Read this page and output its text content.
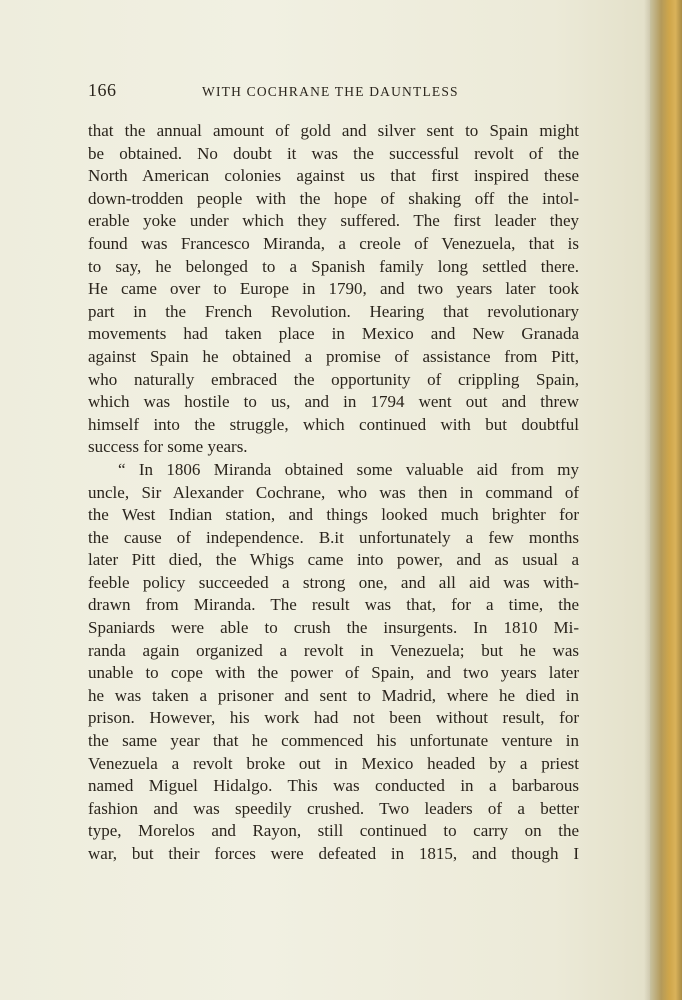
166	WITH COCHRANE THE DAUNTLESS
that the annual amount of gold and silver sent to Spain might
be obtained. No doubt it was the successful revolt of the
North American colonies against us that first inspired these
down-trodden people with the hope of shaking off the intol-
erable yoke under which they suffered. The first leader they
found was Francesco Miranda, a creole of Venezuela, that is
to say, he belonged to a Spanish family long settled there.
He came over to Europe in 1790, and two years later took
part in the French Revolution. Hearing that revolutionary
movements had taken place in Mexico and New Granada
against Spain he obtained a promise of assistance from Pitt,
who naturally embraced the opportunity of crippling Spain,
which was hostile to us, and in 1794 went out and threw
himself into the struggle, which continued with but doubtful
success for some years.
“ In 1806 Miranda obtained some valuable aid from my
uncle, Sir Alexander Cochrane, who was then in command of
the West Indian station, and things looked much brighter for
the cause of independence. B.it unfortunately a few months
later Pitt died, the Whigs came into power, and as usual a
feeble policy succeeded a strong one, and all aid was with-
drawn from Miranda. The result was that, for a time, the
Spaniards were able to crush the insurgents. In 1810 Mi-
randa again organized a revolt in Venezuela; but he was
unable to cope with the power of Spain, and two years later
he was taken a prisoner and sent to Madrid, where he died in
prison. However, his work had not been without result, for
the same year that he commenced his unfortunate venture in
Venezuela a revolt broke out in Mexico headed by a priest
named Miguel Hidalgo. This was conducted in a barbarous
fashion and was speedily crushed. Two leaders of a better
type, Morelos and Rayon, still continued to carry on the
war, but their forces were defeated in 1815, and though I
